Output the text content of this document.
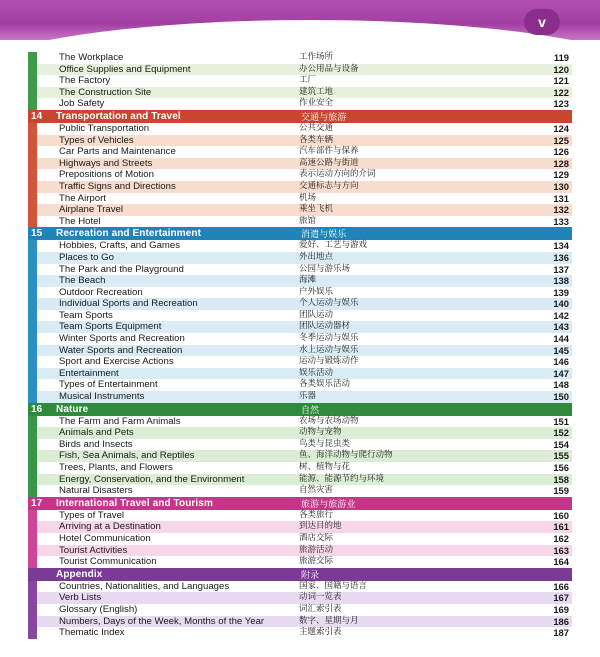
v
The Workplace	工作场所	119
Office Supplies and Equipment	办公用品与设备	120
The Factory	工厂	121
The Construction Site	建筑工地	122
Job Safety	作业安全	123
14	Transportation and Travel	交通与旅游
Public Transportation	公共交通	124
Types of Vehicles	各类车辆	125
Car Parts and Maintenance	汽车部件与保养	126
Highways and Streets	高速公路与街道	128
Prepositions of Motion	表示运动方向的介词	129
Traffic Signs and Directions	交通标志与方向	130
The Airport	机场	131
Airplane Travel	乘坐飞机	132
The Hotel	旅馆	133
15	Recreation and Entertainment	消遣与娱乐
Hobbies, Crafts, and Games	爱好、工艺与游戏	134
Places to Go	外出地点	136
The Park and the Playground	公园与游乐场	137
The Beach	海滩	138
Outdoor Recreation	户外娱乐	139
Individual Sports and Recreation	个人运动与娱乐	140
Team Sports	团队运动	142
Team Sports Equipment	团队运动器材	143
Winter Sports and Recreation	冬季运动与娱乐	144
Water Sports and Recreation	水上运动与娱乐	145
Sport and Exercise Actions	运动与锻炼动作	146
Entertainment	娱乐活动	147
Types of Entertainment	各类娱乐活动	148
Musical Instruments	乐器	150
16	Nature	自然
The Farm and Farm Animals	农场与农场动物	151
Animals and Pets	动物与宠物	152
Birds and Insects	鸟类与昆虫类	154
Fish, Sea Animals, and Reptiles	鱼、海洋动物与爬行动物	155
Trees, Plants, and Flowers	树、植物与花	156
Energy, Conservation, and the Environment	能源、能源节约与环境	158
Natural Disasters	自然灾害	159
17	International Travel and Tourism	旅游与旅游业
Types of Travel	各类旅行	160
Arriving at a Destination	到达目的地	161
Hotel Communication	酒店交际	162
Tourist Activities	旅游活动	163
Tourist Communication	旅游交际	164
Appendix	附录
Countries, Nationalities, and Languages	国家、国籍与语言	166
Verb Lists	动词一览表	167
Glossary (English)	词汇索引表	169
Numbers, Days of the Week, Months of the Year	数字、星期与月	186
Thematic Index	主题索引表	187
